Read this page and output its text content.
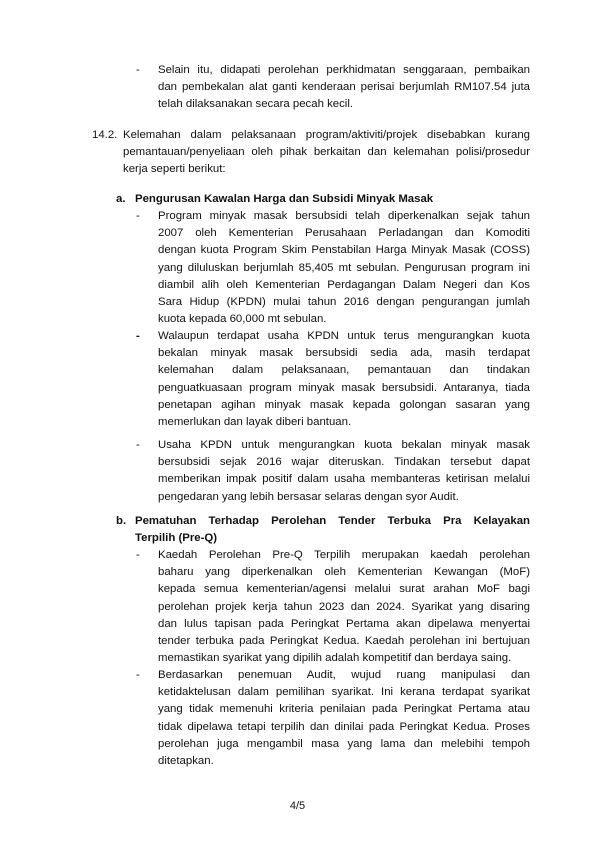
- Selain itu, didapati perolehan perkhidmatan senggaraan, pembaikan
dan pembekalan alat ganti kenderaan perisai berjumlah RM107.54 juta
telah dilaksanakan secara pecah kecil.
14.2. Kelemahan dalam pelaksanaan program/aktiviti/projek disebabkan kurang
pemantauan/penyeliaan oleh pihak berkaitan dan kelemahan polisi/prosedur
kerja seperti berikut:
a. Pengurusan Kawalan Harga dan Subsidi Minyak Masak
- Program minyak masak bersubsidi telah diperkenalkan sejak tahun
2007 oleh Kementerian Perusahaan Perladangan dan Komoditi
dengan kuota Program Skim Penstabilan Harga Minyak Masak (COSS)
yang diluluskan berjumlah 85,405 mt sebulan. Pengurusan program ini
diambil alih oleh Kementerian Perdagangan Dalam Negeri dan Kos
Sara Hidup (KPDN) mulai tahun 2016 dengan pengurangan jumlah
kuota kepada 60,000 mt sebulan.
- Walaupun terdapat usaha KPDN untuk terus mengurangkan kuota
bekalan minyak masak bersubsidi sedia ada, masih terdapat
kelemahan dalam pelaksanaan, pemantauan dan tindakan
penguatkuasaan program minyak masak bersubsidi. Antaranya, tiada
penetapan agihan minyak masak kepada golongan sasaran yang
memerlukan dan layak diberi bantuan.
- Usaha KPDN untuk mengurangkan kuota bekalan minyak masak
bersubsidi sejak 2016 wajar diteruskan. Tindakan tersebut dapat
memberikan impak positif dalam usaha membanteras ketirisan melalui
pengedaran yang lebih bersasar selaras dengan syor Audit.
b. Pematuhan Terhadap Perolehan Tender Terbuka Pra Kelayakan
Terpilih (Pre-Q)
- Kaedah Perolehan Pre-Q Terpilih merupakan kaedah perolehan
baharu yang diperkenalkan oleh Kementerian Kewangan (MoF)
kepada semua kementerian/agensi melalui surat arahan MoF bagi
perolehan projek kerja tahun 2023 dan 2024. Syarikat yang disaring
dan lulus tapisan pada Peringkat Pertama akan dipelawa menyertai
tender terbuka pada Peringkat Kedua. Kaedah perolehan ini bertujuan
memastikan syarikat yang dipilih adalah kompetitif dan berdaya saing.
- Berdasarkan penemuan Audit, wujud ruang manipulasi dan
ketidaktelusan dalam pemilihan syarikat. Ini kerana terdapat syarikat
yang tidak memenuhi kriteria penilaian pada Peringkat Pertama atau
tidak dipelawa tetapi terpilih dan dinilai pada Peringkat Kedua. Proses
perolehan juga mengambil masa yang lama dan melebihi tempoh
ditetapkan.
4/5
